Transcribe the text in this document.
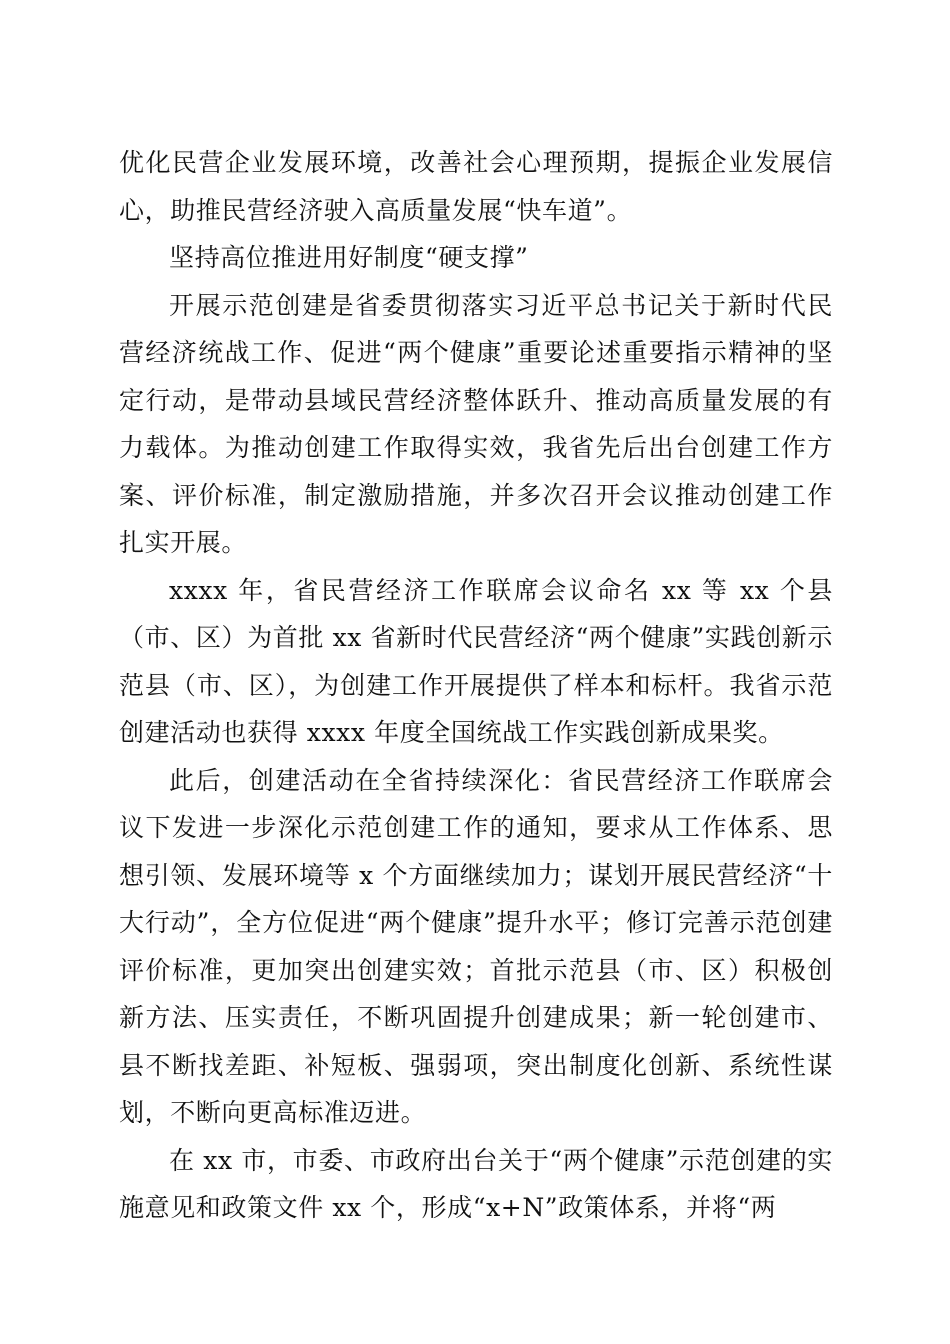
优化民营企业发展环境，改善社会心理预期，提振企业发展信心，助推民营经济驶入高质量发展“快车道”。

坚持高位推进用好制度“硬支撑”

开展示范创建是省委贯彻落实习近平总书记关于新时代民营经济统战工作、促进“两个健康”重要论述重要指示精神的坚定行动，是带动县域民营经济整体跃升、推动高质量发展的有力载体。为推动创建工作取得实效，我省先后出台创建工作方案、评价标准，制定激励措施，并多次召开会议推动创建工作扎实开展。

xxxx 年，省民营经济工作联席会议命名 xx 等 xx 个县（市、区）为首批 xx 省新时代民营经济“两个健康”实践创新示范县（市、区），为创建工作开展提供了样本和标杆。我省示范创建活动也获得 xxxx 年度全国统战工作实践创新成果奖。

此后，创建活动在全省持续深化：省民营经济工作联席会议下发进一步深化示范创建工作的通知，要求从工作体系、思想引领、发展环境等 x 个方面继续加力；谋划开展民营经济“十大行动”，全方位促进“两个健康”提升水平；修订完善示范创建评价标准，更加突出创建实效；首批示范县（市、区）积极创新方法、压实责任，不断巩固提升创建成果；新一轮创建市、县不断找差距、补短板、强弱项，突出制度化创新、系统性谋划，不断向更高标准迈进。

在 xx 市，市委、市政府出台关于“两个健康”示范创建的实施意见和政策文件 xx 个，形成“x+N”政策体系，并将“两
